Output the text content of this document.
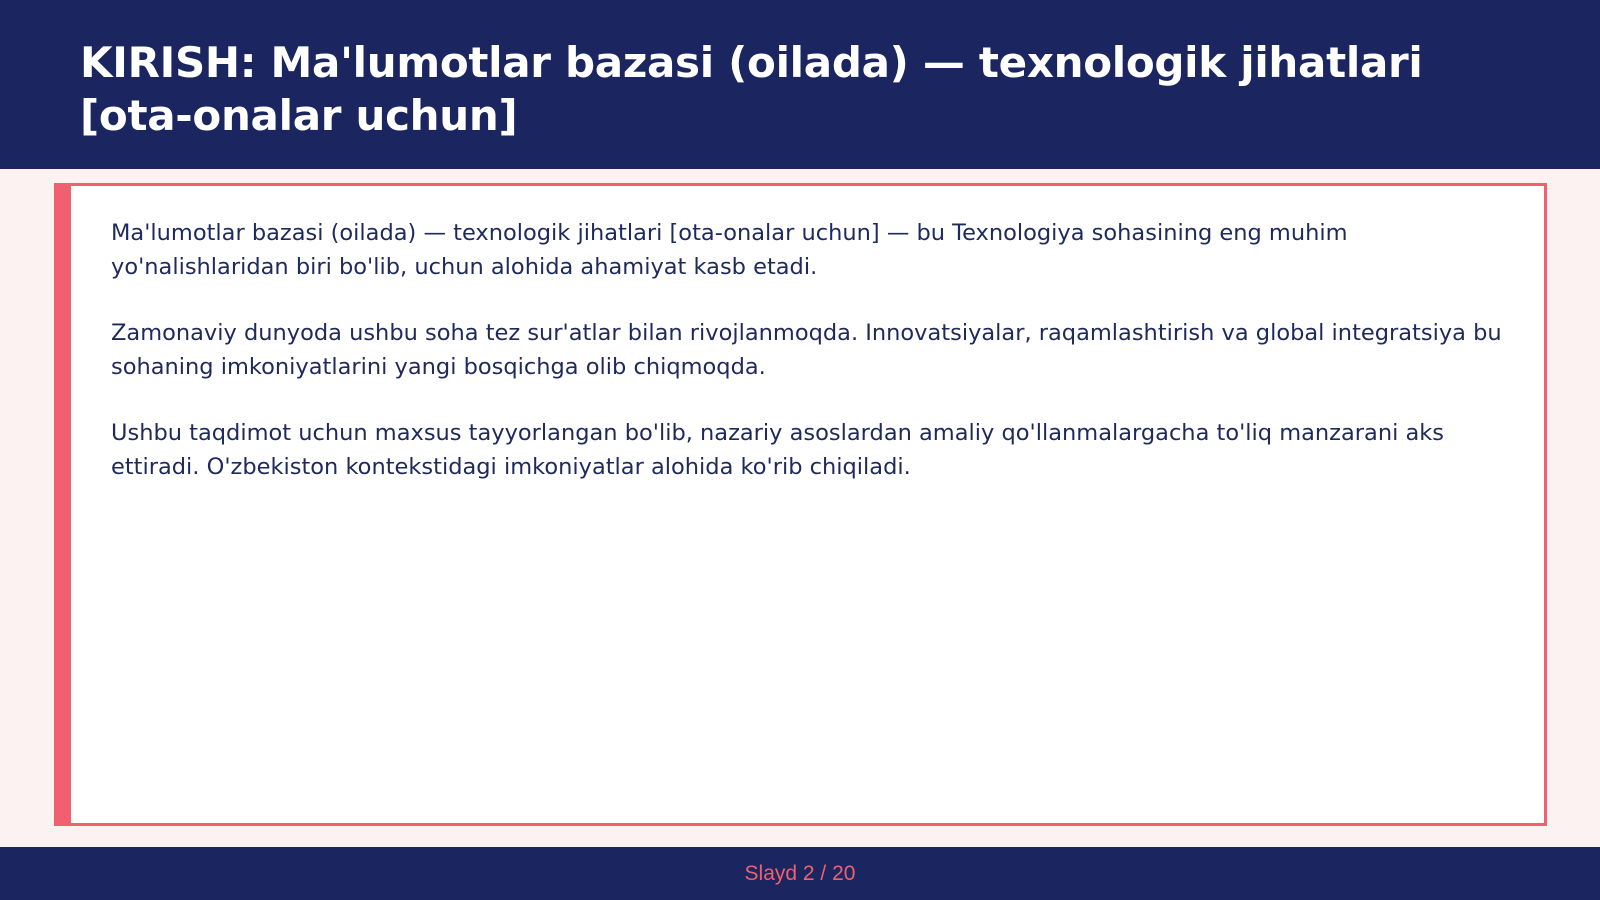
KIRISH: Ma'lumotlar bazasi (oilada) — texnologik jihatlari [ota-onalar uchun]

Ma'lumotlar bazasi (oilada) — texnologik jihatlari [ota-onalar uchun] — bu Texnologiya sohasining eng muhim yo'nalishlaridan biri bo'lib, uchun alohida ahamiyat kasb etadi.

Zamonaviy dunyoda ushbu soha tez sur'atlar bilan rivojlanmoqda. Innovatsiyalar, raqamlashtirish va global integratsiya bu sohaning imkoniyatlarini yangi bosqichga olib chiqmoqda.

Ushbu taqdimot uchun maxsus tayyorlangan bo'lib, nazariy asoslardan amaliy qo'llanmalargacha to'liq manzarani aks ettiradi. O'zbekiston kontekstidagi imkoniyatlar alohida ko'rib chiqiladi.

Slayd 2 / 20
